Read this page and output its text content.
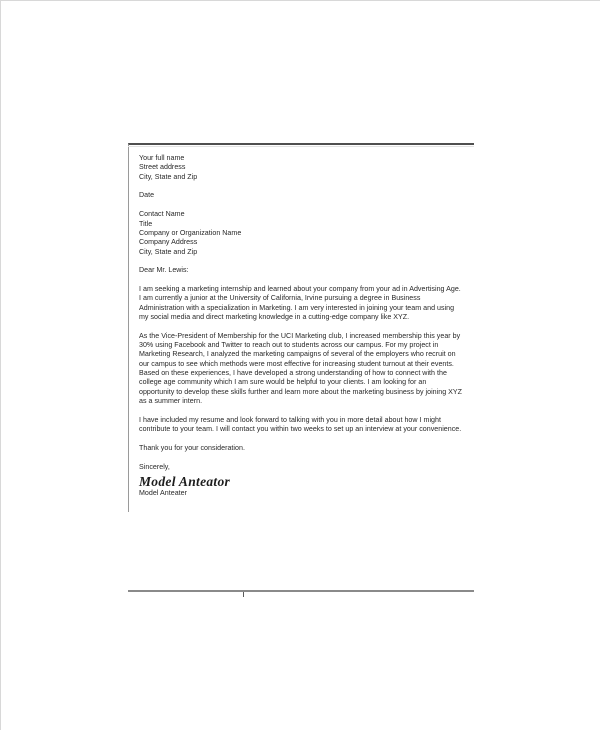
Your full name
Street address
City, State and Zip
Date
Contact Name
Title
Company or Organization Name
Company Address
City, State and Zip
Dear Mr. Lewis:

I am seeking a marketing internship and learned about your company from your ad in Advertising Age. I am currently a junior at the University of California, Irvine pursuing a degree in Business Administration with a specialization in Marketing. I am very interested in joining your team and using my social media and direct marketing knowledge in a cutting-edge company like XYZ.

As the Vice-President of Membership for the UCI Marketing club, I increased membership this year by 30% using Facebook and Twitter to reach out to students across our campus. For my project in Marketing Research, I analyzed the marketing campaigns of several of the employers who recruit on our campus to see which methods were most effective for increasing student turnout at their events. Based on these experiences, I have developed a strong understanding of how to connect with the college age community which I am sure would be helpful to your clients. I am looking for an opportunity to develop these skills further and learn more about the marketing business by joining XYZ as a summer intern.

I have included my resume and look forward to talking with you in more detail about how I might contribute to your team. I will contact you within two weeks to set up an interview at your convenience.

Thank you for your consideration.

Sincerely,
Model Anteator
Model Anteater
